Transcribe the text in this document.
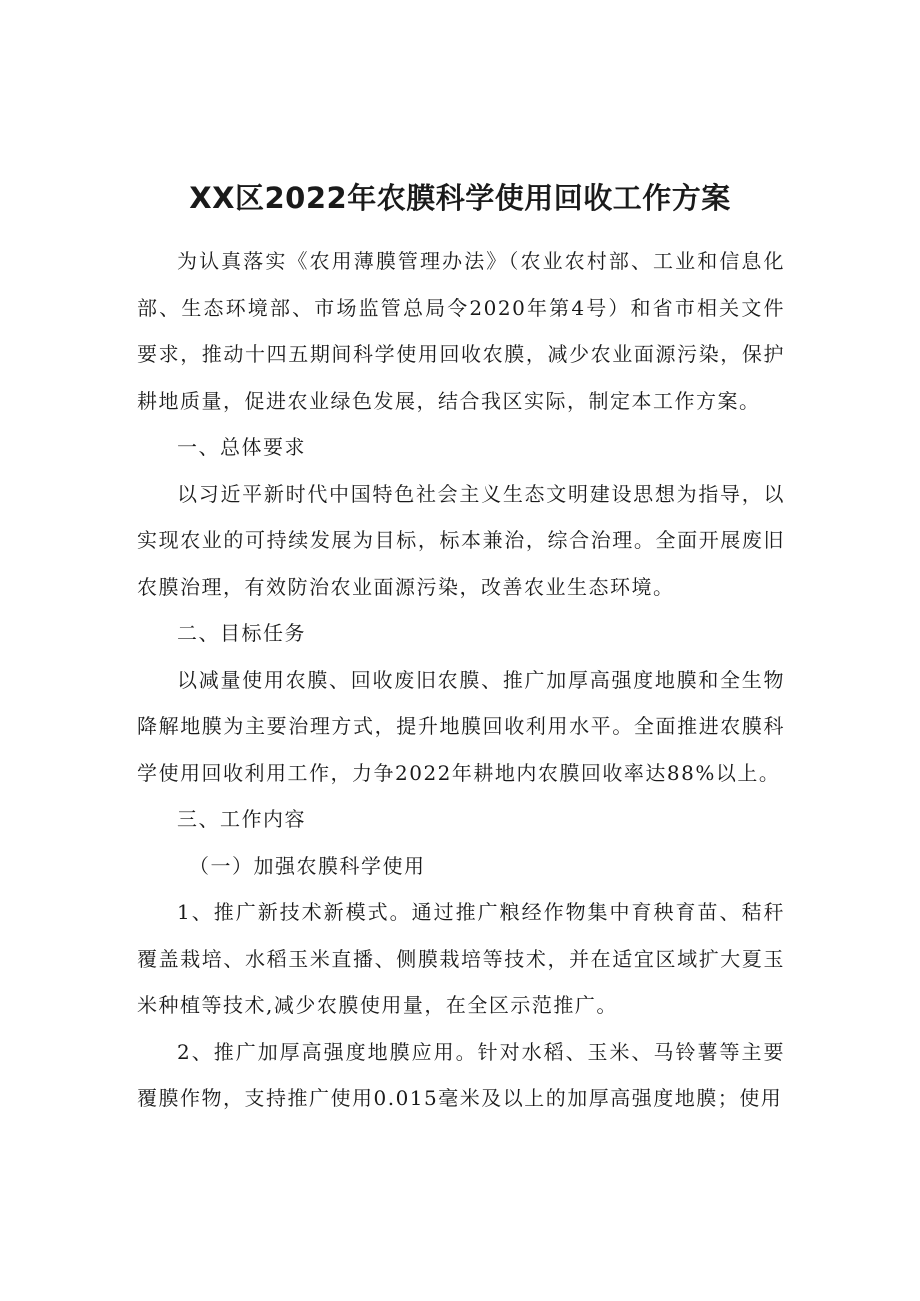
XX区2022年农膜科学使用回收工作方案

为认真落实《农用薄膜管理办法》（农业农村部、工业和信息化部、生态环境部、市场监管总局令2020年第4号）和省市相关文件要求，推动十四五期间科学使用回收农膜，减少农业面源污染，保护耕地质量，促进农业绿色发展，结合我区实际，制定本工作方案。

一、总体要求

以习近平新时代中国特色社会主义生态文明建设思想为指导，以实现农业的可持续发展为目标，标本兼治，综合治理。全面开展废旧农膜治理，有效防治农业面源污染，改善农业生态环境。

二、目标任务

以减量使用农膜、回收废旧农膜、推广加厚高强度地膜和全生物降解地膜为主要治理方式，提升地膜回收利用水平。全面推进农膜科学使用回收利用工作，力争2022年耕地内农膜回收率达88%以上。

三、工作内容

（一）加强农膜科学使用

1、推广新技术新模式。通过推广粮经作物集中育秧育苗、秸秆覆盖栽培、水稻玉米直播、侧膜栽培等技术，并在适宜区域扩大夏玉米种植等技术,减少农膜使用量，在全区示范推广。

2、推广加厚高强度地膜应用。针对水稻、玉米、马铃薯等主要覆膜作物，支持推广使用0.015毫米及以上的加厚高强度地膜；使用
